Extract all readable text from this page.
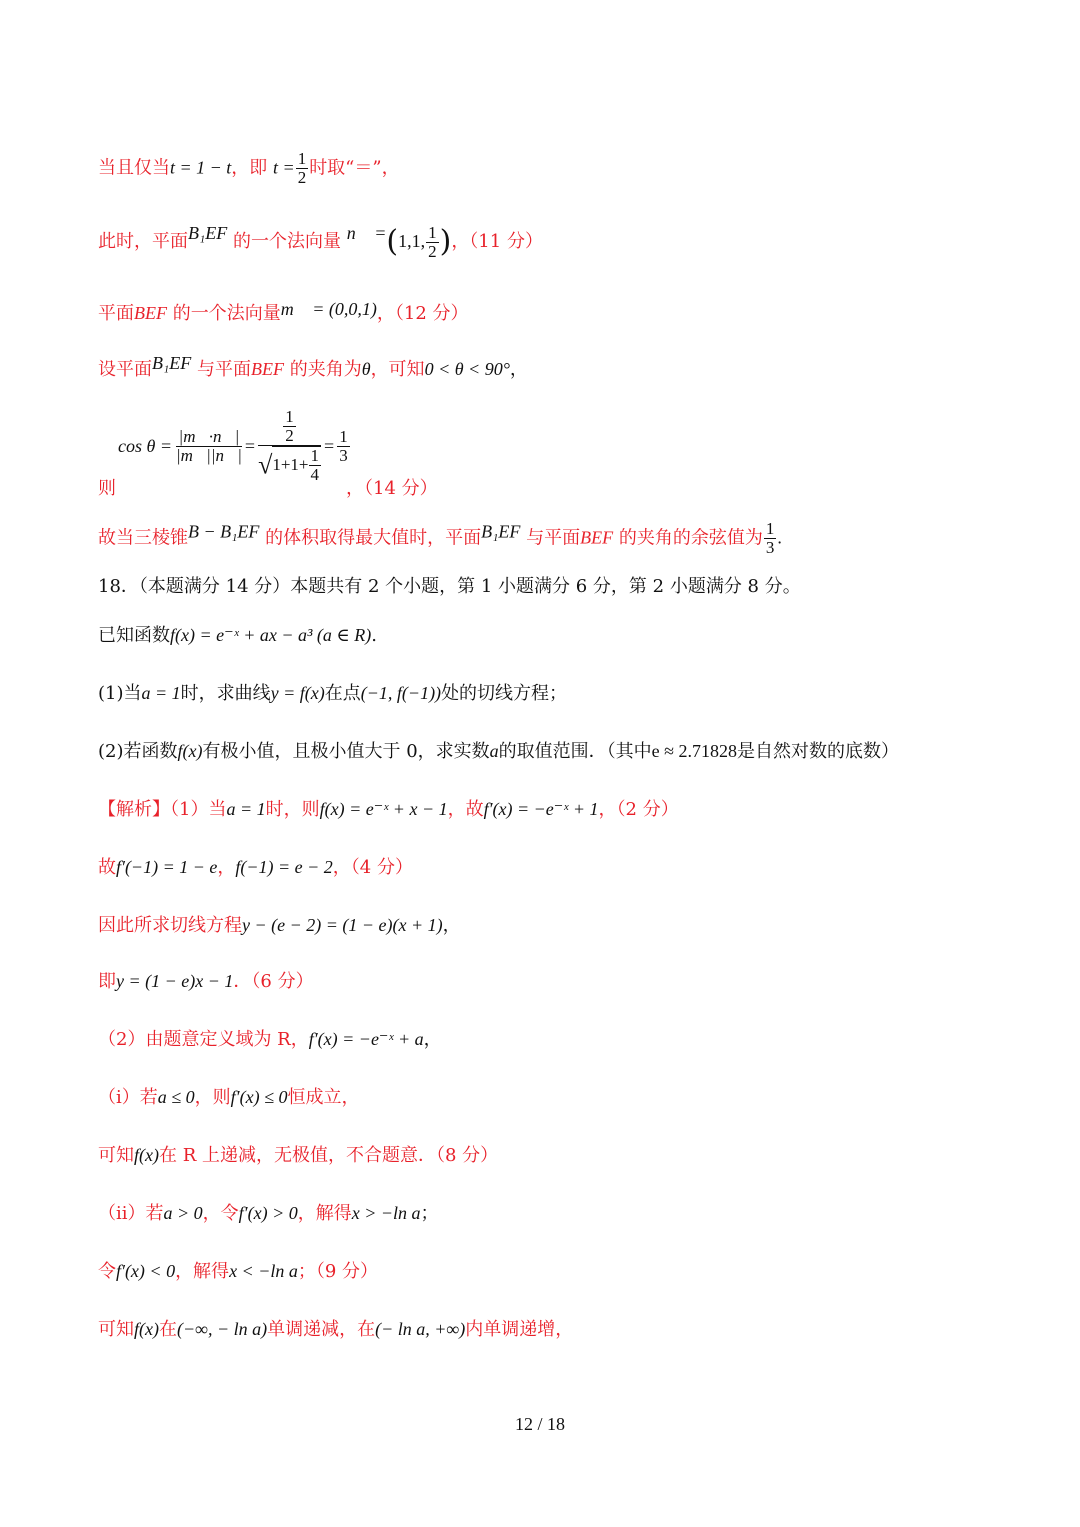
当且仅当t = 1 − t，即 $t = \frac{1}{2}$ 时取“＝”，
此时，平面B₁EF 的一个法向量 n⃗ =(1,1, $\frac{1}{2}$ )，（11 分）
平面BEF 的一个法向量m⃗ = (0,0,1)，（12 分）
设平面B₁EF 与平面BEF 的夹角为θ，可知0 < θ < 90°，
$\cos \theta = \frac{|m⃗\cdot n⃗|}{|m⃗||n⃗|} = \frac{\frac{1}{2}}{√1+1+ \frac{1}{4}} = \frac{1}{3}$
则	，（14 分）
故当三棱锥B − B₁EF 的体积取得最大值时，平面B₁EF 与平面BEF 的夹角的余弦值为 $\frac{1}{3}$ .
18．（本题满分 14 分）本题共有 2 个小题，第 1 小题满分 6 分，第 2 小题满分 8 分。
已知函数f(x) = e⁻ˣ + ax − a³ (a ∈ R).
(1)当a = 1时，求曲线y = f(x)在点(−1, f(−1))处的切线方程；
(2)若函数f(x)有极小值，且极小值大于 0，求实数a的取值范围．（其中e ≈ 2.71828是自然对数的底数）
【解析】（1）当a = 1时，则f(x) = e⁻ˣ + x − 1，故f′(x) = −e⁻ˣ + 1，（2 分）
故f′(−1) = 1 − e，f(−1) = e − 2，（4 分）
因此所求切线方程y − (e − 2) = (1 − e)(x + 1)，
即y = (1 − e)x − 1．（6 分）
（2）由题意定义域为 R，f′(x) = −e⁻ˣ + a，
（i）若a ≤ 0，则f′(x) ≤ 0恒成立，
可知f(x)在 R 上递减，无极值，不合题意．（8 分）
（ii）若a > 0，令f′(x) > 0，解得x > −ln a；
令f′(x) < 0，解得x < −ln a；（9 分）
可知f(x)在(−∞, − ln a)单调递减，在(− ln a, +∞)内单调递增，
12 / 18
